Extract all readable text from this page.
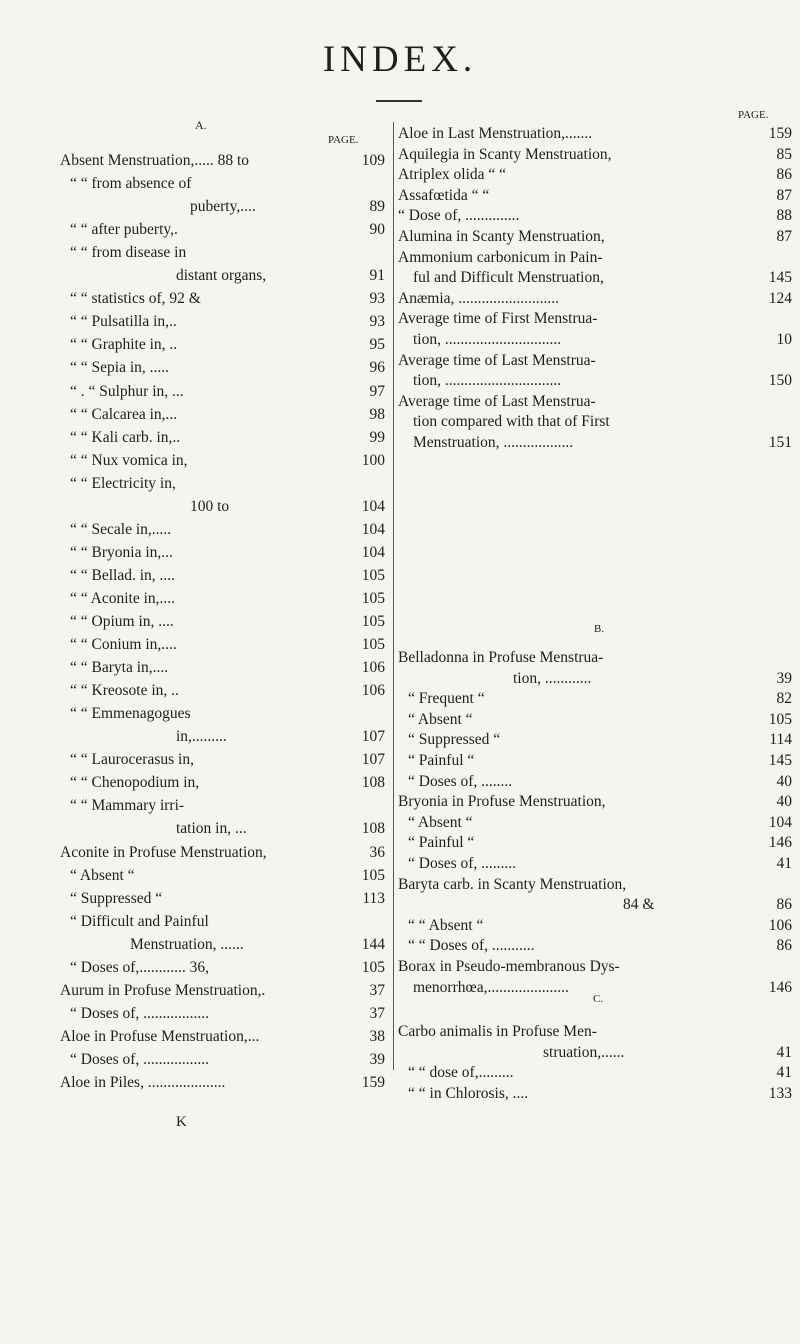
INDEX.
A.
PAGE.
Absent Menstruation,..... 88 to	109
“ “ from absence of
puberty,....	89
“ “ after puberty,.	90
“ “ from disease in
distant organs,	91
“ “ statistics of, 92 &	93
“ “ Pulsatilla in,..	93
“ “ Graphite in, ..	95
“ “ Sepia in, .....	96
“ . “ Sulphur in, ...	97
“ “ Calcarea in,...	98
“ “ Kali carb. in,..	99
“ “ Nux vomica in,	100
“ “ Electricity in,
100 to	104
“ “ Secale in,.....	104
“ “ Bryonia in,...	104
“ “ Bellad. in, ....	105
“ “ Aconite in,....	105
“ “ Opium in, ....	105
“ “ Conium in,....	105
“ “ Baryta in,....	106
“ “ Kreosote in, ..	106
“ “ Emmenagogues
in,.........	107
“ “ Laurocerasus in,	107
“ “ Chenopodium in,	108
“ “ Mammary irri-
tation in, ...	108
Aconite in Profuse Menstruation,	36
“ Absent “	105
“ Suppressed “	113
“ Difficult and Painful
Menstruation, ......	144
“ Doses of,............ 36,	105
Aurum in Profuse Menstruation,.	37
“ Doses of, .................	37
Aloe in Profuse Menstruation,...	38
“ Doses of, .................	39
Aloe in Piles, ....................	159
PAGE.
Aloe in Last Menstruation,.......	159
Aquilegia in Scanty Menstruation,	85
Atriplex olida “ “	86
Assafœtida “ “	87
“ Dose of, ..............	88
Alumina in Scanty Menstruation,	87
Ammonium carbonicum in Pain-
ful and Difficult Menstruation,	145
Anæmia, ..........................	124
Average time of First Menstrua-
tion, ..............................	10
Average time of Last Menstrua-
tion, ..............................	150
Average time of Last Menstrua-
tion compared with that of First
Menstruation, ..................	151
B.
Belladonna in Profuse Menstrua-
tion, ............	39
“ Frequent “	82
“ Absent “	105
“ Suppressed “	114
“ Painful “	145
“ Doses of, ........	40
Bryonia in Profuse Menstruation,	40
“ Absent “	104
“ Painful “	146
“ Doses of, .........	41
Baryta carb. in Scanty Menstruation,
84 &	86
“ “ Absent “	106
“ “ Doses of, ...........	86
Borax in Pseudo-membranous Dys-
menorrhœa,.....................	146
C.
Carbo animalis in Profuse Men-
struation,......	41
“ “ dose of,.........	41
“ “ in Chlorosis, ....	133
K
